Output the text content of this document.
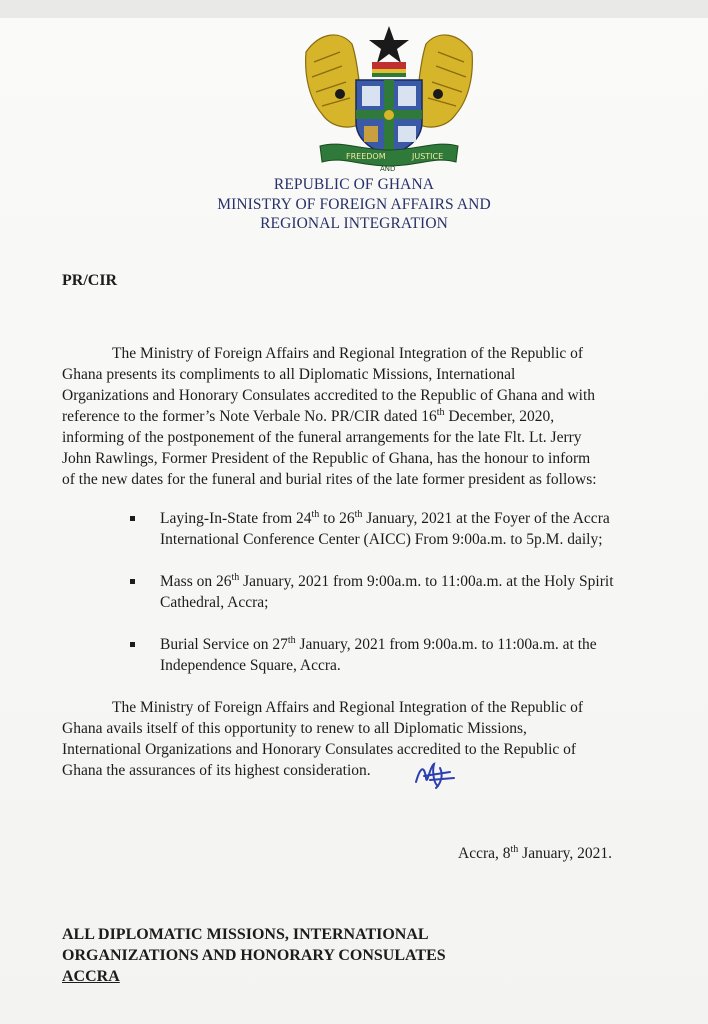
FREEDOM	JUSTICE
AND
REPUBLIC OF GHANA
MINISTRY OF FOREIGN AFFAIRS AND
REGIONAL INTEGRATION
PR/CIR
The Ministry of Foreign Affairs and Regional Integration of the Republic of
Ghana presents its compliments to all Diplomatic Missions, International
Organizations and Honorary Consulates accredited to the Republic of Ghana and with
reference to the former’s Note Verbale No. PR/CIR dated 16th December, 2020,
informing of the postponement of the funeral arrangements for the late Flt. Lt. Jerry
John Rawlings, Former President of the Republic of Ghana, has the honour to inform
of the new dates for the funeral and burial rites of the late former president as follows:
Laying-In-State from 24th to 26th January, 2021 at the Foyer of the Accra
International Conference Center (AICC) From 9:00a.m. to 5p.M. daily;
Mass on 26th January, 2021 from 9:00a.m. to 11:00a.m. at the Holy Spirit
Cathedral, Accra;
Burial Service on 27th January, 2021 from 9:00a.m. to 11:00a.m. at the
Independence Square, Accra.
The Ministry of Foreign Affairs and Regional Integration of the Republic of
Ghana avails itself of this opportunity to renew to all Diplomatic Missions,
International Organizations and Honorary Consulates accredited to the Republic of
Ghana the assurances of its highest consideration.
Accra, 8th January, 2021.
ALL DIPLOMATIC MISSIONS, INTERNATIONAL
ORGANIZATIONS AND HONORARY CONSULATES
ACCRA
